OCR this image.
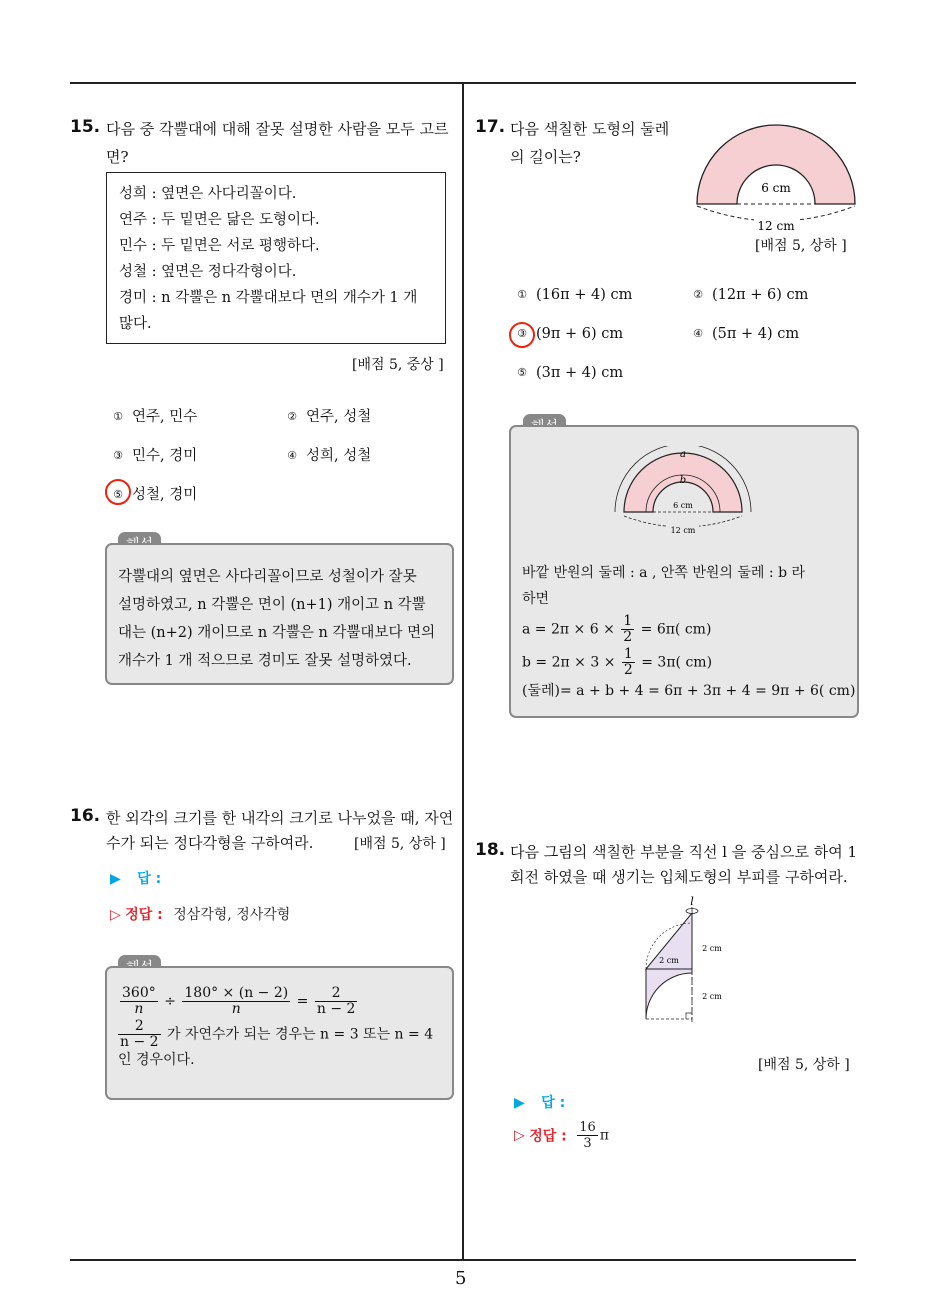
5
15. 다음 중 각뿔대에 대해 잘못 설명한 사람을 모두 고르
면?
성희 : 옆면은 사다리꼴이다.
연주 : 두 밑면은 닮은 도형이다.
민수 : 두 밑면은 서로 평행하다.
성철 : 옆면은 정다각형이다.
경미 : n 각뿔은 n 각뿔대보다 면의 개수가 1 개
많다.
[배점 5, 중상 ]
① 연주, 민수	② 연주, 성철
③ 민수, 경미	④ 성희, 성철
⑤ 성철, 경미
각뿔대의 옆면은 사다리꼴이므로 성철이가 잘못
설명하였고, n 각뿔은 면이 (n+1) 개이고 n 각뿔
대는 (n+2) 개이므로 n 각뿔은 n 각뿔대보다 면의
개수가 1 개 적으므로 경미도 잘못 설명하였다.
16. 한 외각의 크기를 한 내각의 크기로 나누었을 때, 자연
수가 되는 정다각형을 구하여라.	[배점 5, 상하 ]
▶ 답 :
▷ 정답 : 정삼각형, 정사각형
$\frac{360^\circ}{n} \div \frac{180^\circ \times (n - 2)}{n} = \frac{2}{n - 2}$
$\frac{2}{n - 2}$ 가 자연수가 되는 경우는 n = 3 또는 n = 4
인 경우이다.
17. 다음 색칠한 도형의 둘레
의 길이는?
6 cm
12 cm
[배점 5, 상하 ]
① (16π + 4) cm	② (12π + 6) cm
③ (9π + 6) cm	④ (5π + 4) cm
⑤ (3π + 4) cm
a
b
6 cm
12 cm
바깥 반원의 둘레 : a , 안쪽 반원의 둘레 : b 라
하면
$a = 2\pi \times 6 \times \frac{1}{2} = 6\pi$( cm)
$b = 2\pi \times 3 \times \frac{1}{2} = 3\pi$( cm)
(둘레)= a + b + 4 = 6π + 3π + 4 = 9π + 6( cm)
18. 다음 그림의 색칠한 부분을 직선 l 을 중심으로 하여 1
회전 하였을 때 생기는 입체도형의 부피를 구하여라.
l
2 cm
2 cm
2 cm
[배점 5, 상하 ]
▶ 답 :
▷ 정답 : $\frac{16}{3}$ π
